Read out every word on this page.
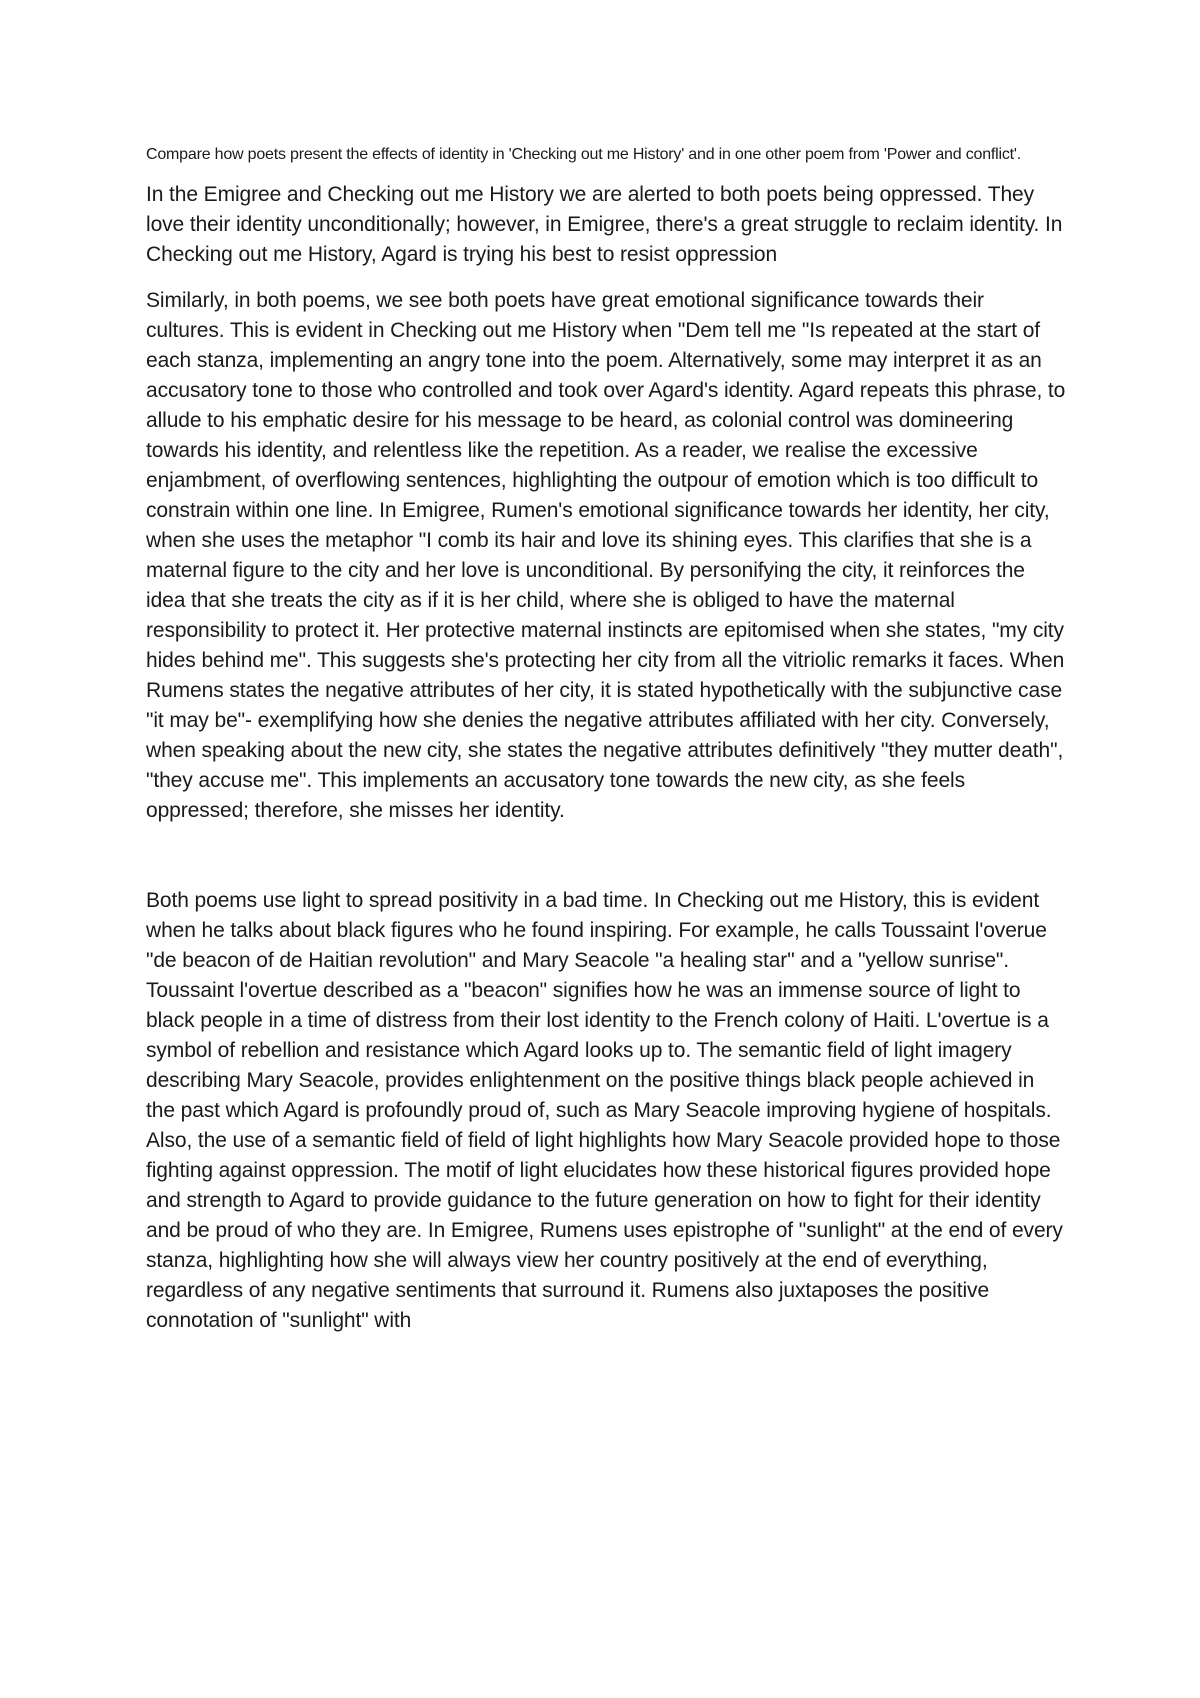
Compare how poets present the effects of identity in 'Checking out me History' and in one other poem from 'Power and conflict'.

In the Emigree and Checking out me History we are alerted to both poets being oppressed. They love their identity unconditionally; however, in Emigree, there's a great struggle to reclaim identity. In Checking out me History, Agard is trying his best to resist oppression

Similarly, in both poems, we see both poets have great emotional significance towards their cultures. This is evident in Checking out me History when "Dem tell me "Is repeated at the start of each stanza, implementing an angry tone into the poem. Alternatively, some may interpret it as an accusatory tone to those who controlled and took over Agard's identity. Agard repeats this phrase, to allude to his emphatic desire for his message to be heard, as colonial control was domineering towards his identity, and relentless like the repetition. As a reader, we realise the excessive enjambment, of overflowing sentences, highlighting the outpour of emotion which is too difficult to constrain within one line. In Emigree, Rumen's emotional significance towards her identity, her city, when she uses the metaphor "I comb its hair and love its shining eyes. This clarifies that she is a maternal figure to the city and her love is unconditional. By personifying the city, it reinforces the idea that she treats the city as if it is her child, where she is obliged to have the maternal responsibility to protect it. Her protective maternal instincts are epitomised when she states, "my city hides behind me". This suggests she's protecting her city from all the vitriolic remarks it faces. When Rumens states the negative attributes of her city, it is stated hypothetically with the subjunctive case "it may be"- exemplifying how she denies the negative attributes affiliated with her city. Conversely, when speaking about the new city, she states the negative attributes definitively "they mutter death", "they accuse me". This implements an accusatory tone towards the new city, as she feels oppressed; therefore, she misses her identity.

Both poems use light to spread positivity in a bad time. In Checking out me History, this is evident when he talks about black figures who he found inspiring. For example, he calls Toussaint l'overue "de beacon of de Haitian revolution" and Mary Seacole "a healing star" and a "yellow sunrise". Toussaint l'overtue described as a "beacon" signifies how he was an immense source of light to black people in a time of distress from their lost identity to the French colony of Haiti. L'overtue is a symbol of rebellion and resistance which Agard looks up to. The semantic field of light imagery describing Mary Seacole, provides enlightenment on the positive things black people achieved in the past which Agard is profoundly proud of, such as Mary Seacole improving hygiene of hospitals. Also, the use of a semantic field of field of light highlights how Mary Seacole provided hope to those fighting against oppression. The motif of light elucidates how these historical figures provided hope and strength to Agard to provide guidance to the future generation on how to fight for their identity and be proud of who they are. In Emigree, Rumens uses epistrophe of "sunlight" at the end of every stanza, highlighting how she will always view her country positively at the end of everything, regardless of any negative sentiments that surround it. Rumens also juxtaposes the positive connotation of "sunlight" with
